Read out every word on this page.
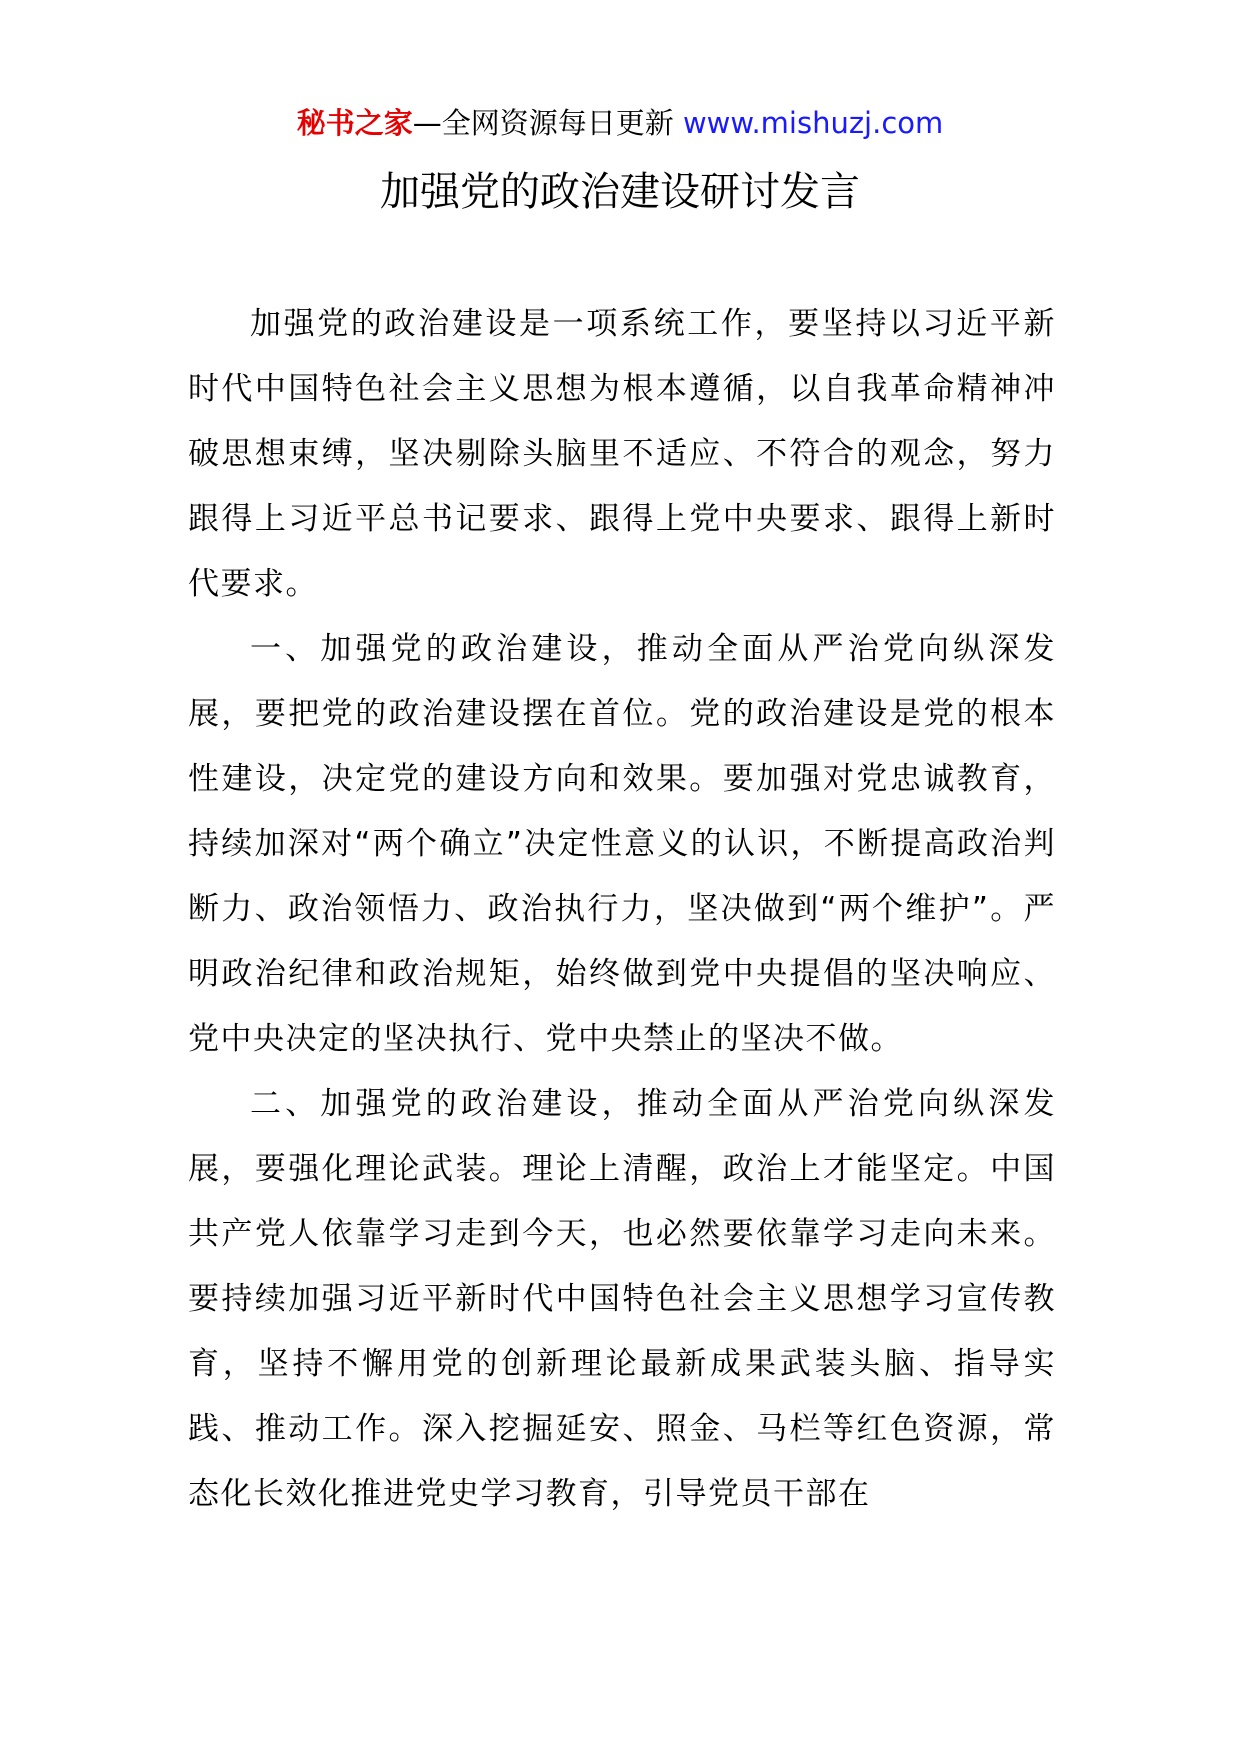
秘书之家—全网资源每日更新 www.mishuzj.com
加强党的政治建设研讨发言

加强党的政治建设是一项系统工作，要坚持以习近平新时代中国特色社会主义思想为根本遵循，以自我革命精神冲破思想束缚，坚决剔除头脑里不适应、不符合的观念，努力跟得上习近平总书记要求、跟得上党中央要求、跟得上新时代要求。

一、加强党的政治建设，推动全面从严治党向纵深发展，要把党的政治建设摆在首位。党的政治建设是党的根本性建设，决定党的建设方向和效果。要加强对党忠诚教育，持续加深对“两个确立”决定性意义的认识，不断提高政治判断力、政治领悟力、政治执行力，坚决做到“两个维护”。严明政治纪律和政治规矩，始终做到党中央提倡的坚决响应、党中央决定的坚决执行、党中央禁止的坚决不做。

二、加强党的政治建设，推动全面从严治党向纵深发展，要强化理论武装。理论上清醒，政治上才能坚定。中国共产党人依靠学习走到今天，也必然要依靠学习走向未来。要持续加强习近平新时代中国特色社会主义思想学习宣传教育，坚持不懈用党的创新理论最新成果武装头脑、指导实践、推动工作。深入挖掘延安、照金、马栏等红色资源，常态化长效化推进党史学习教育，引导党员干部在
